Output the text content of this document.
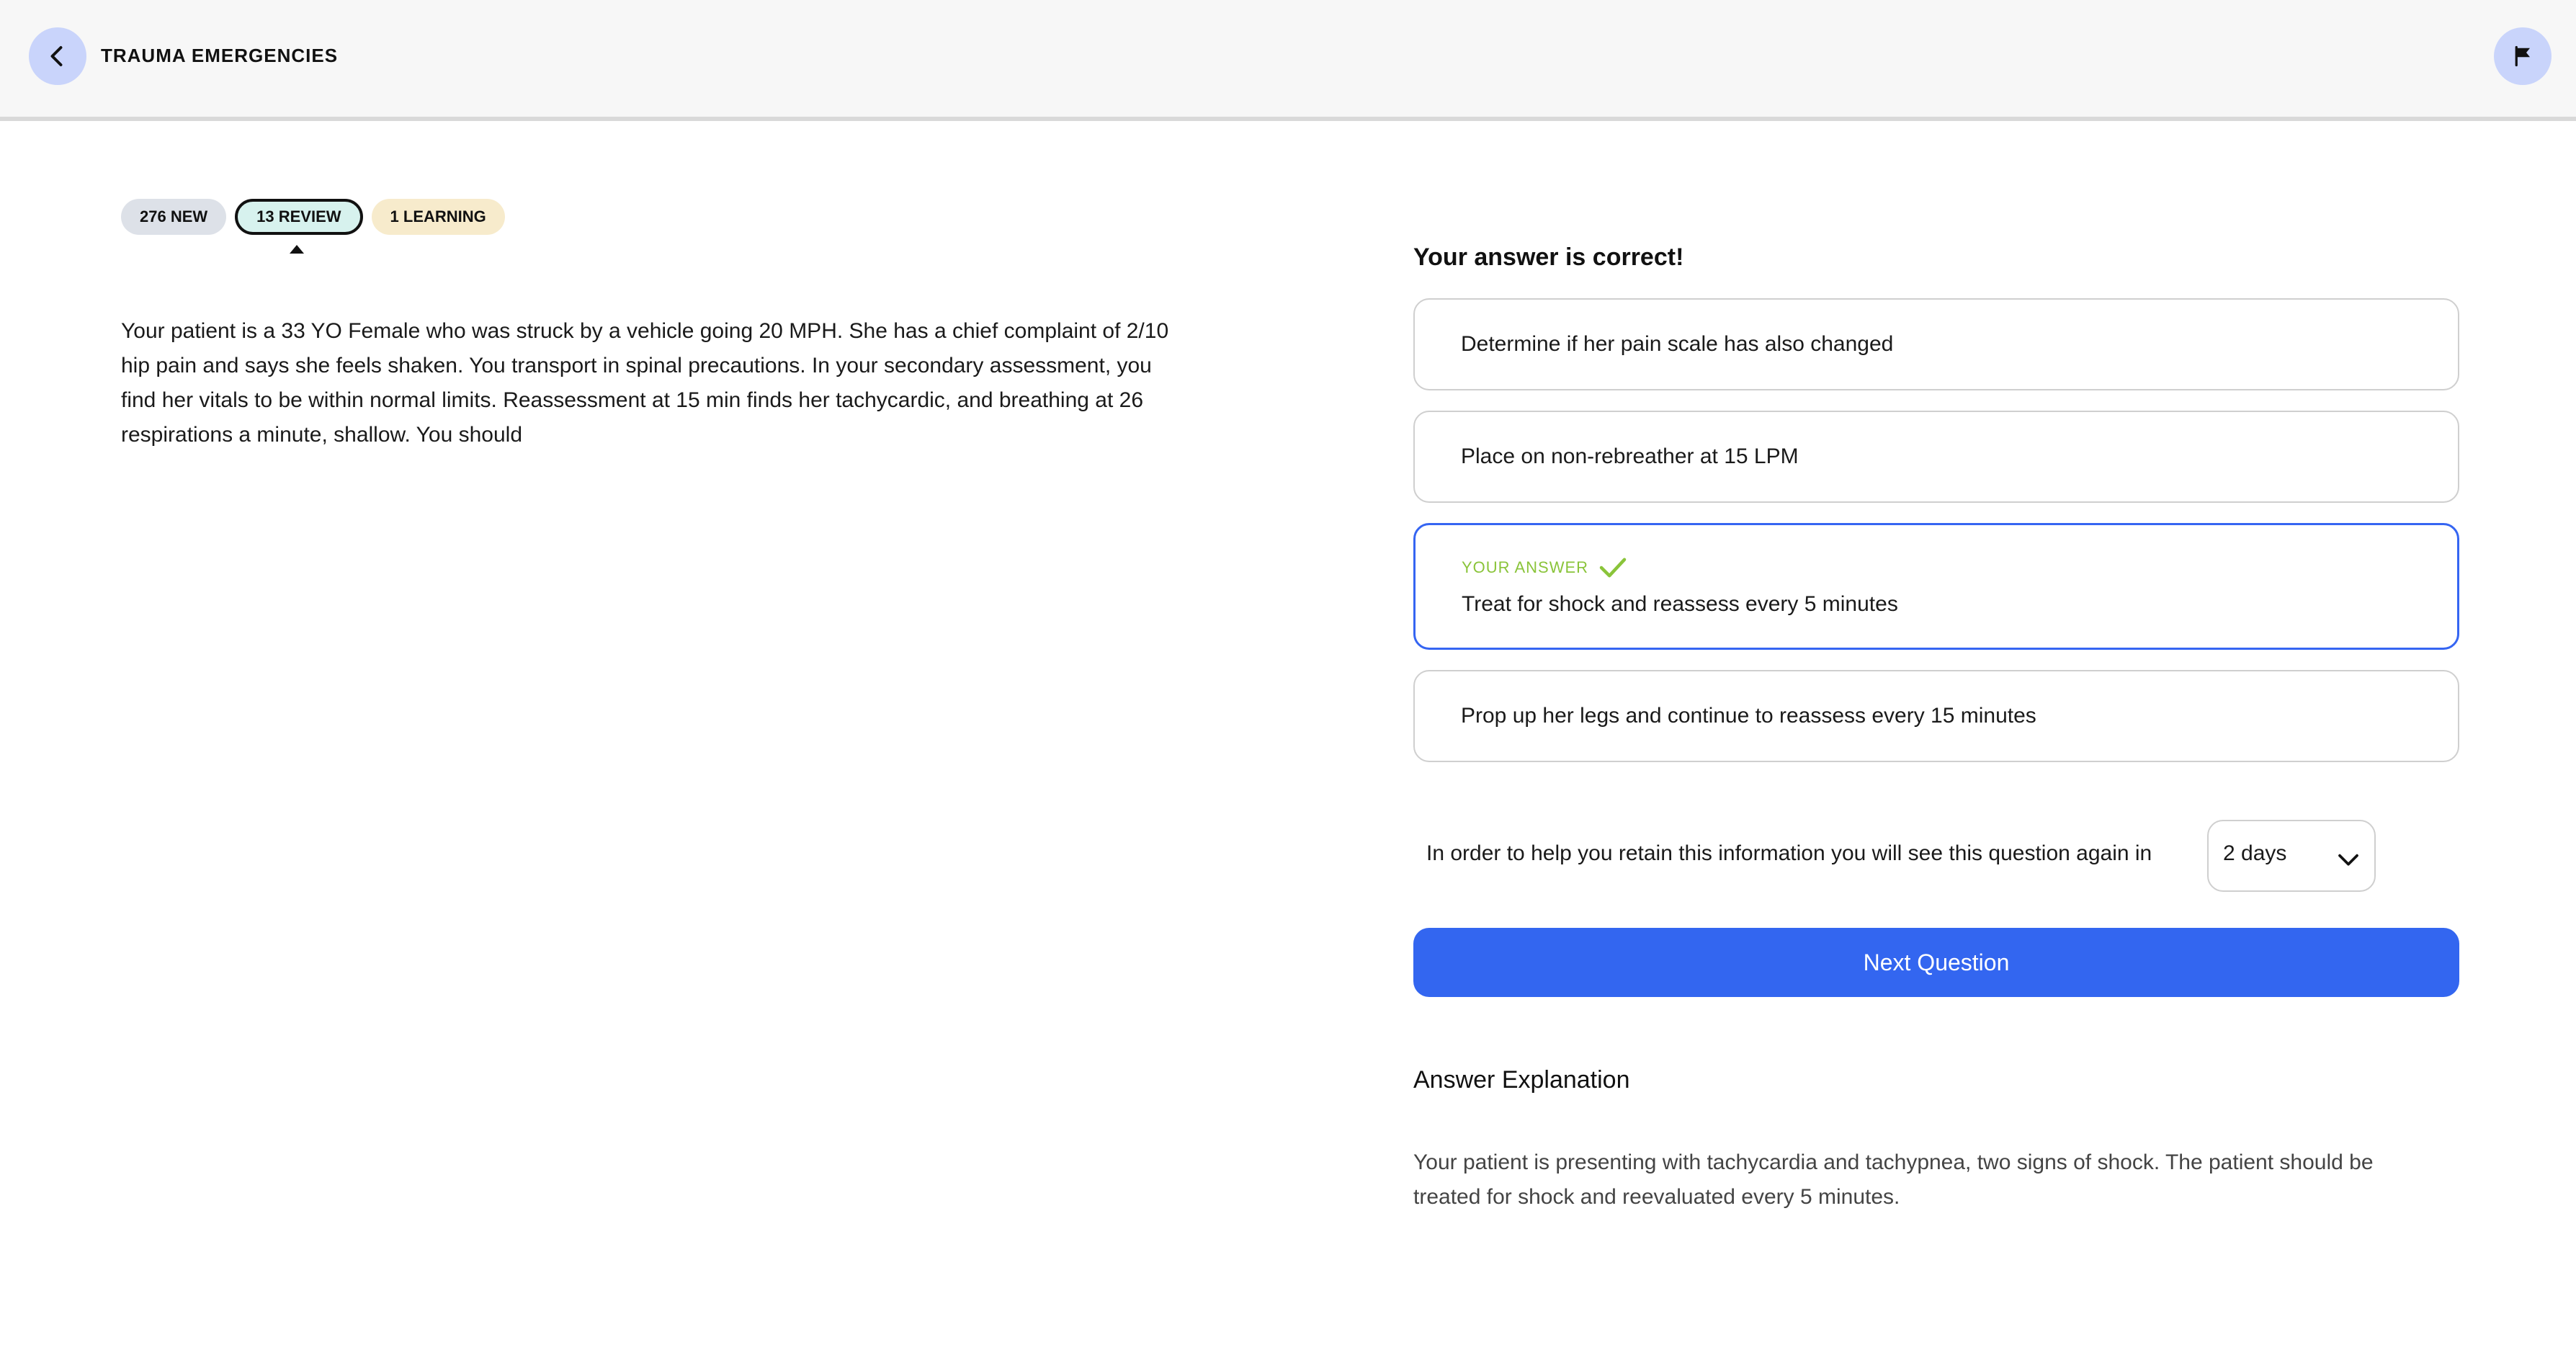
TRAUMA EMERGENCIES
276 NEW	13 REVIEW	1 LEARNING
Your patient is a 33 YO Female who was struck by a vehicle going 20 MPH. She has a chief complaint of 2/10 hip pain and says she feels shaken. You transport in spinal precautions. In your secondary assessment, you find her vitals to be within normal limits. Reassessment at 15 min finds her tachycardic, and breathing at 26 respirations a minute, shallow. You should
Your answer is correct!
Determine if her pain scale has also changed
Place on non-rebreather at 15 LPM
YOUR ANSWER
Treat for shock and reassess every 5 minutes
Prop up her legs and continue to reassess every 15 minutes
In order to help you retain this information you will see this question again in	2 days
Next Question
Answer Explanation
Your patient is presenting with tachycardia and tachypnea, two signs of shock. The patient should be treated for shock and reevaluated every 5 minutes.
